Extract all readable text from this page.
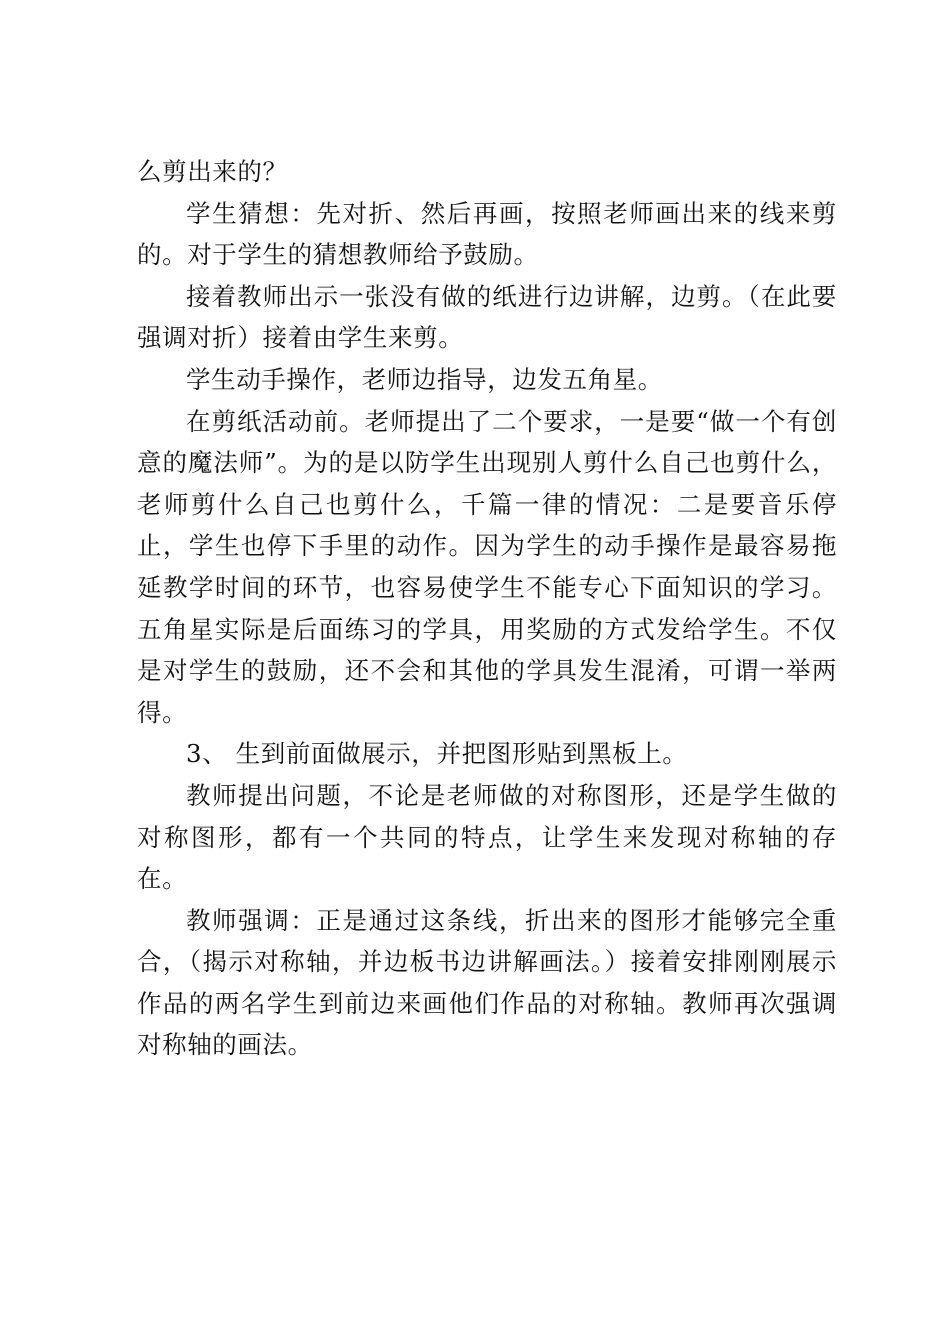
么剪出来的？

学生猜想：先对折、然后再画，按照老师画出来的线来剪的。对于学生的猜想教师给予鼓励。

接着教师出示一张没有做的纸进行边讲解，边剪。（在此要强调对折）接着由学生来剪。

学生动手操作，老师边指导，边发五角星。

在剪纸活动前。老师提出了二个要求，一是要“做一个有创意的魔法师”。为的是以防学生出现别人剪什么自己也剪什么，老师剪什么自己也剪什么，千篇一律的情况：二是要音乐停止，学生也停下手里的动作。因为学生的动手操作是最容易拖延教学时间的环节，也容易使学生不能专心下面知识的学习。五角星实际是后面练习的学具，用奖励的方式发给学生。不仅是对学生的鼓励，还不会和其他的学具发生混淆，可谓一举两得。

3、 生到前面做展示，并把图形贴到黑板上。

教师提出问题，不论是老师做的对称图形，还是学生做的对称图形，都有一个共同的特点，让学生来发现对称轴的存在。

教师强调：正是通过这条线，折出来的图形才能够完全重合，（揭示对称轴，并边板书边讲解画法。）接着安排刚刚展示作品的两名学生到前边来画他们作品的对称轴。教师再次强调对称轴的画法。
